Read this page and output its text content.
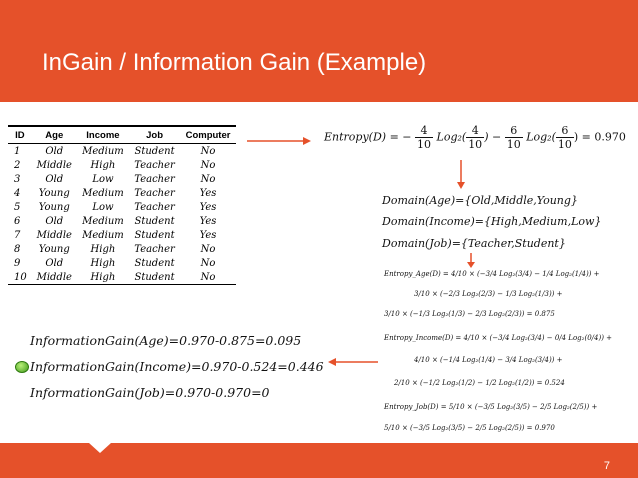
InGain / Information Gain (Example)
ID	Age	Income	Job	Computer
1	Old	Medium	Student	No
2	Middle	High	Teacher	No
3	Old	Low	Teacher	No
4	Young	Medium	Teacher	Yes
5	Young	Low	Teacher	Yes
6	Old	Medium	Student	Yes
7	Middle	Medium	Student	Yes
8	Young	High	Teacher	No
9	Old	High	Student	No
10	Middle	High	Student	No
Entropy(D) = − $\frac{4}{10} Log_2( \frac{4}{10}$ ) − $\frac{6}{10} Log_2( \frac{6}{10}$ ) = 0.970
Domain(Age)={Old,Middle,Young}
Domain(Income)={High,Medium,Low}
Domain(Job)={Teacher,Student}
Entropy_Age(D) = 4/10 × (−3/4 Log₂(3/4) − 1/4 Log₂(1/4)) +
3/10 × (−2/3 Log₂(2/3) − 1/3 Log₂(1/3)) +
3/10 × (−1/3 Log₂(1/3) − 2/3 Log₂(2/3)) = 0.875
Entropy_Income(D) = 4/10 × (−3/4 Log₂(3/4) − 0/4 Log₂(0/4)) +
4/10 × (−1/4 Log₂(1/4) − 3/4 Log₂(3/4)) +
2/10 × (−1/2 Log₂(1/2) − 1/2 Log₂(1/2)) = 0.524
Entropy_Job(D) = 5/10 × (−3/5 Log₂(3/5) − 2/5 Log₂(2/5)) +
5/10 × (−3/5 Log₂(3/5) − 2/5 Log₂(2/5)) = 0.970
InformationGain(Age)=0.970-0.875=0.095
InformationGain(Income)=0.970-0.524=0.446
InformationGain(Job)=0.970-0.970=0
7
